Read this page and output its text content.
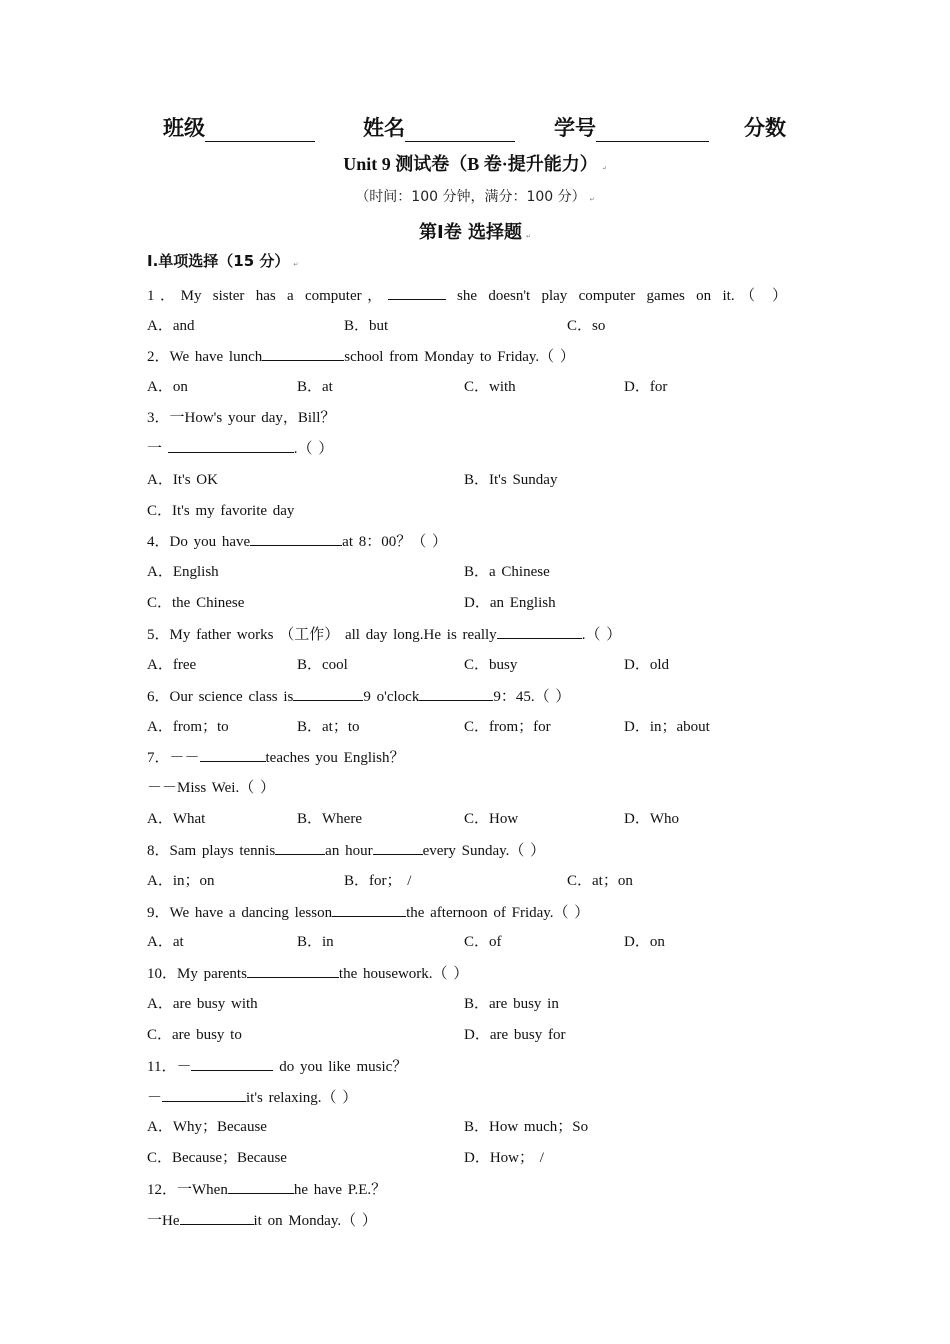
班级	姓名	学号	分数
Unit 9 测试卷（B 卷·提升能力） ↵
（时间：100 分钟，满分：100 分） ↵
第Ⅰ卷 选择题 ↵
Ⅰ.单项选择（15 分） ↵
1．My sister has a computer，	she doesn't play computer games on it.（ ）
A．and	B．but	C．so
2．We have lunch	school from Monday to Friday.（ ）
A．on	B．at	C．with	D．for
3．一How's your day，Bill？
一	.（ ）
A．It's OK	B．It's Sunday
C．It's my favorite day
4．Do you have	at 8：00？（ ）
A．English	B．a Chinese
C．the Chinese	D．an English
5．My father works （工作） all day long.He is really	.（ ）
A．free	B．cool	C．busy	D．old
6．Our science class is	9 o'clock	9：45.（ ）
A．from；to	B．at；to	C．from；for	D．in；about
7．－－	teaches you English？
－－Miss Wei.（ ）
A．What	B．Where	C．How	D．Who
8．Sam plays tennis	an hour	every Sunday.（ ）
A．in；on	B．for； /	C．at；on
9．We have a dancing lesson	the afternoon of Friday.（ ）
A．at	B．in	C．of	D．on
10．My parents	the housework.（ ）
A．are busy with	B．are busy in
C．are busy to	D．are busy for
11．－	do you like music？
－	it's relaxing.（ ）
A．Why；Because	B．How much；So
C．Because；Because	D．How； /
12．一When	he have P.E.？
一He	it on Monday.（ ）
